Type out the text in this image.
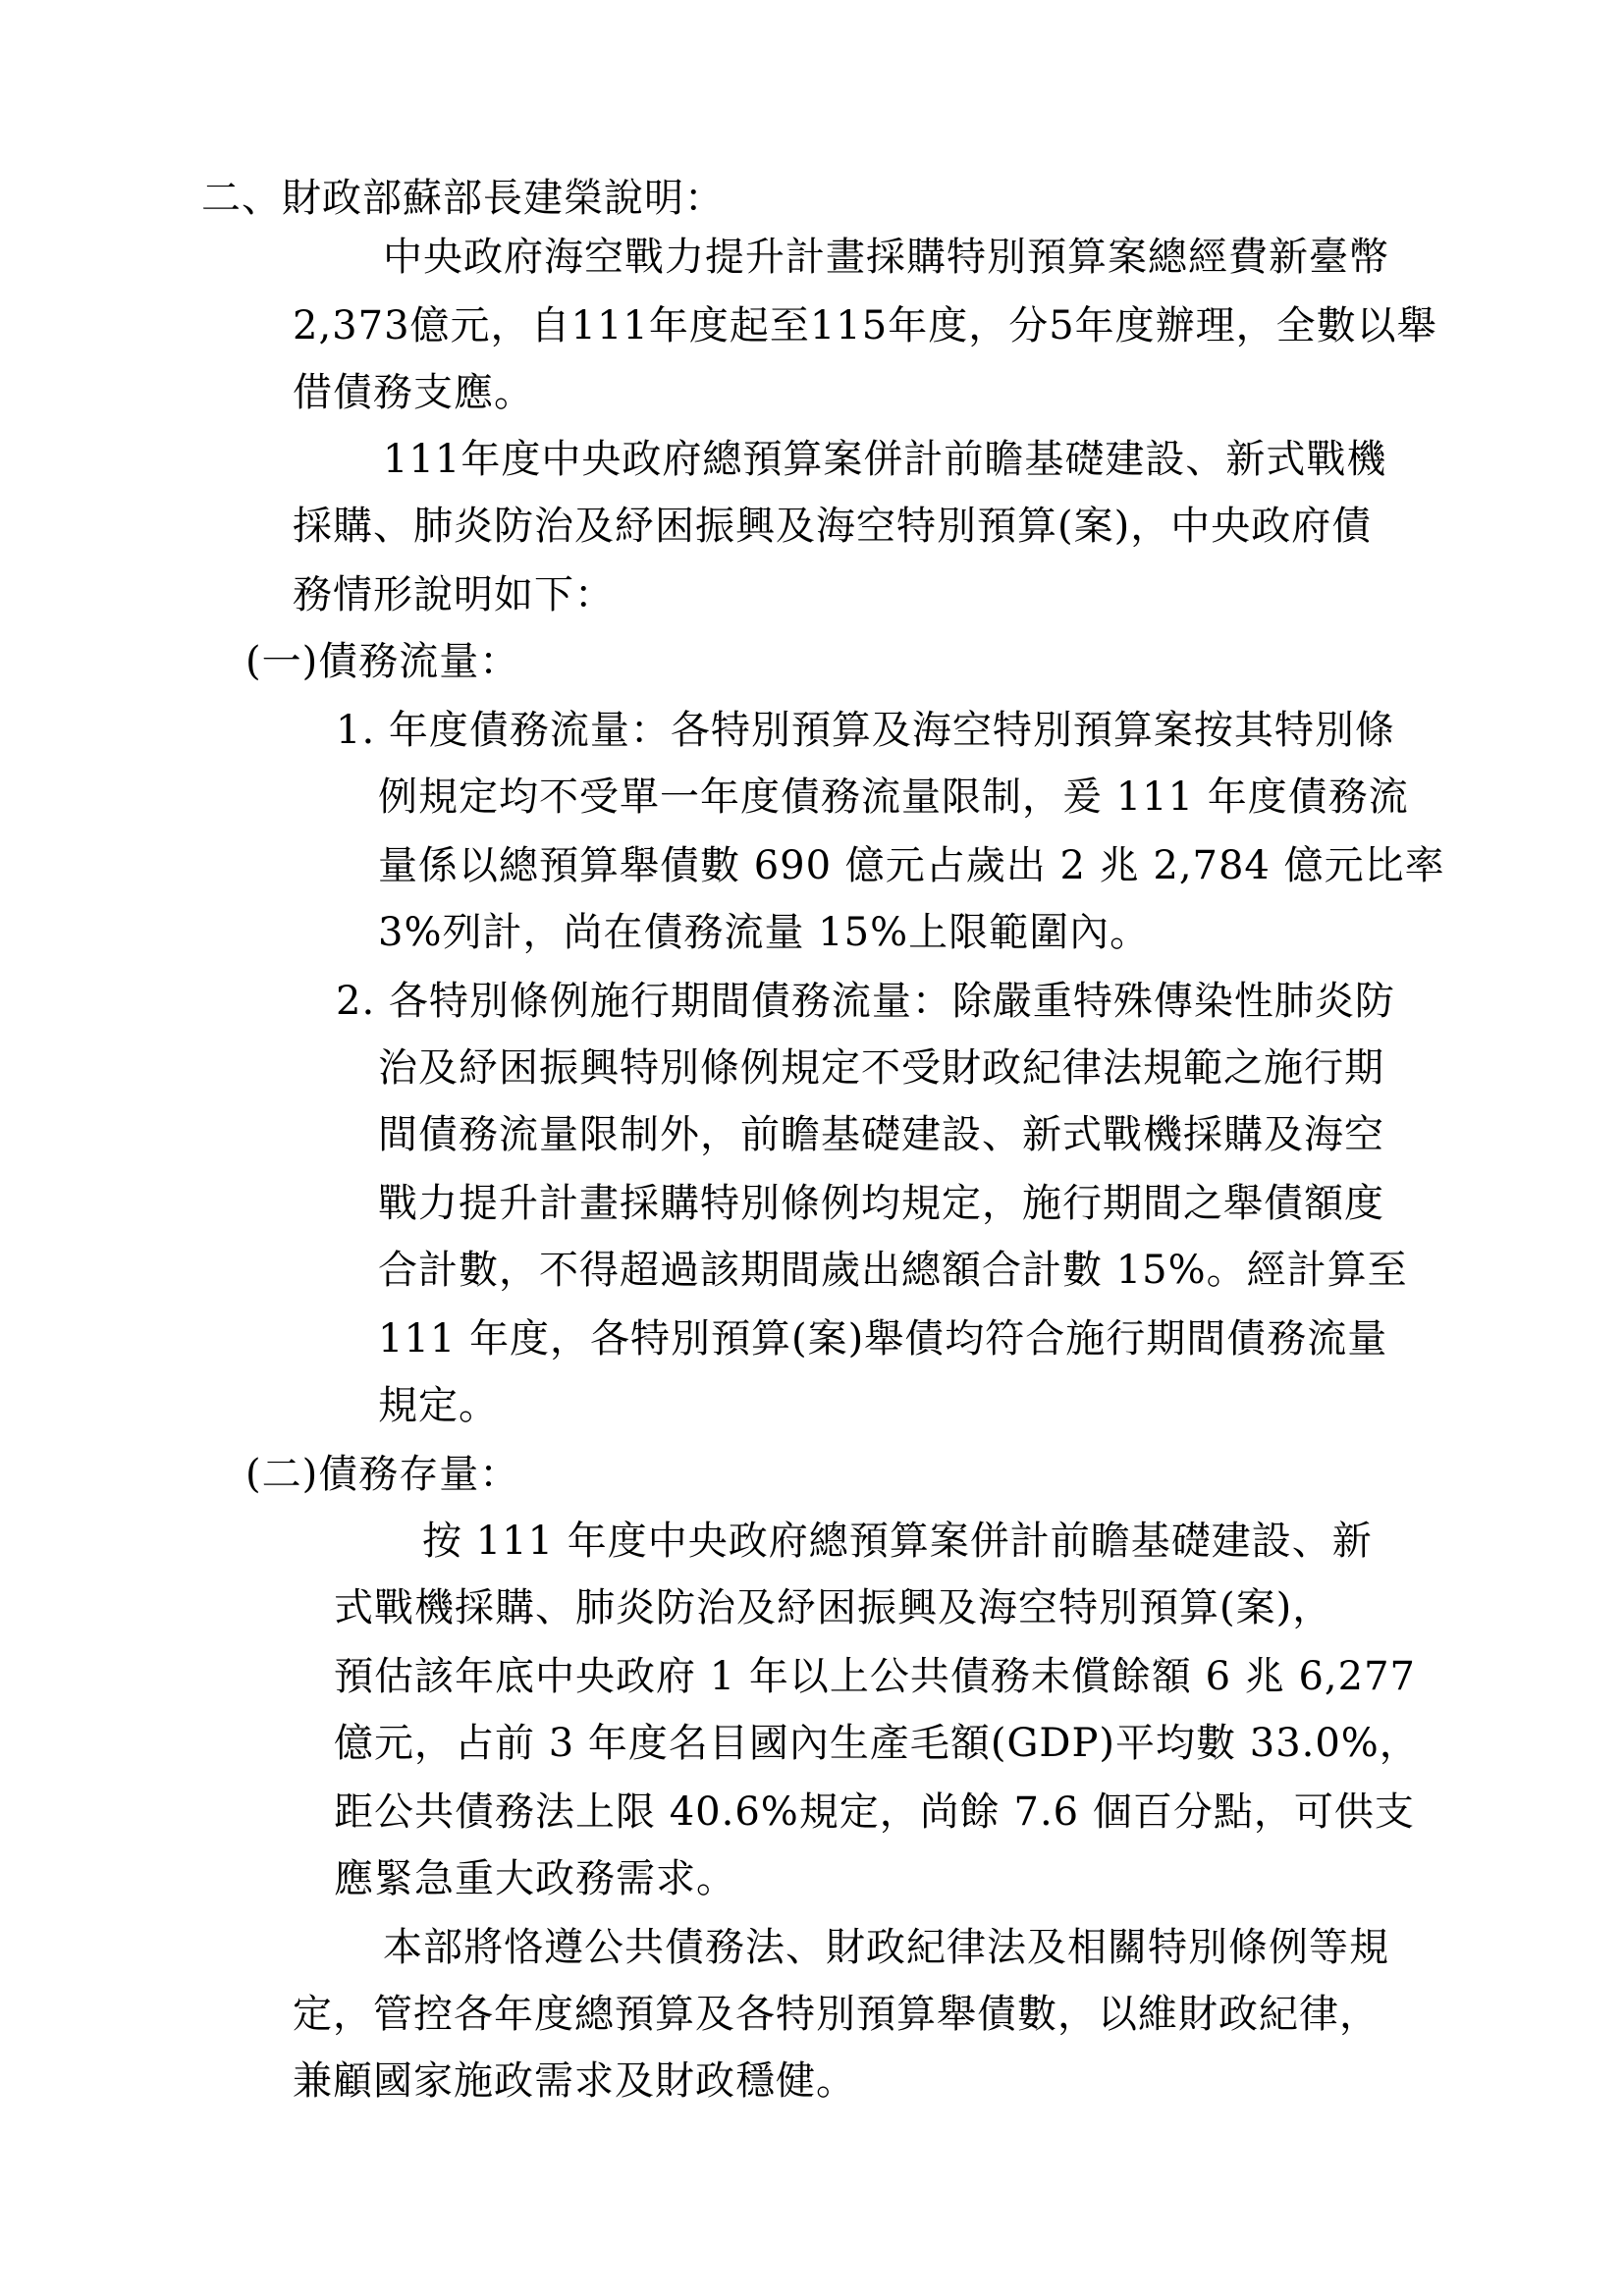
二、財政部蘇部長建榮說明：
中央政府海空戰力提升計畫採購特別預算案總經費新臺幣
2,373億元，自111年度起至115年度，分5年度辦理，全數以舉
借債務支應。
111年度中央政府總預算案併計前瞻基礎建設、新式戰機
採購、肺炎防治及紓困振興及海空特別預算(案)，中央政府債
務情形說明如下：
(一)債務流量：
1. 年度債務流量：各特別預算及海空特別預算案按其特別條
例規定均不受單一年度債務流量限制，爰 111 年度債務流
量係以總預算舉債數 690 億元占歲出 2 兆 2,784 億元比率
3%列計，尚在債務流量 15%上限範圍內。
2. 各特別條例施行期間債務流量：除嚴重特殊傳染性肺炎防
治及紓困振興特別條例規定不受財政紀律法規範之施行期
間債務流量限制外，前瞻基礎建設、新式戰機採購及海空
戰力提升計畫採購特別條例均規定，施行期間之舉債額度
合計數，不得超過該期間歲出總額合計數 15%。經計算至
111 年度，各特別預算(案)舉債均符合施行期間債務流量
規定。
(二)債務存量：
按 111 年度中央政府總預算案併計前瞻基礎建設、新
式戰機採購、肺炎防治及紓困振興及海空特別預算(案)，
預估該年底中央政府 1 年以上公共債務未償餘額 6 兆 6,277
億元，占前 3 年度名目國內生產毛額(GDP)平均數 33.0%，
距公共債務法上限 40.6%規定，尚餘 7.6 個百分點，可供支
應緊急重大政務需求。
本部將恪遵公共債務法、財政紀律法及相關特別條例等規
定，管控各年度總預算及各特別預算舉債數，以維財政紀律，
兼顧國家施政需求及財政穩健。
